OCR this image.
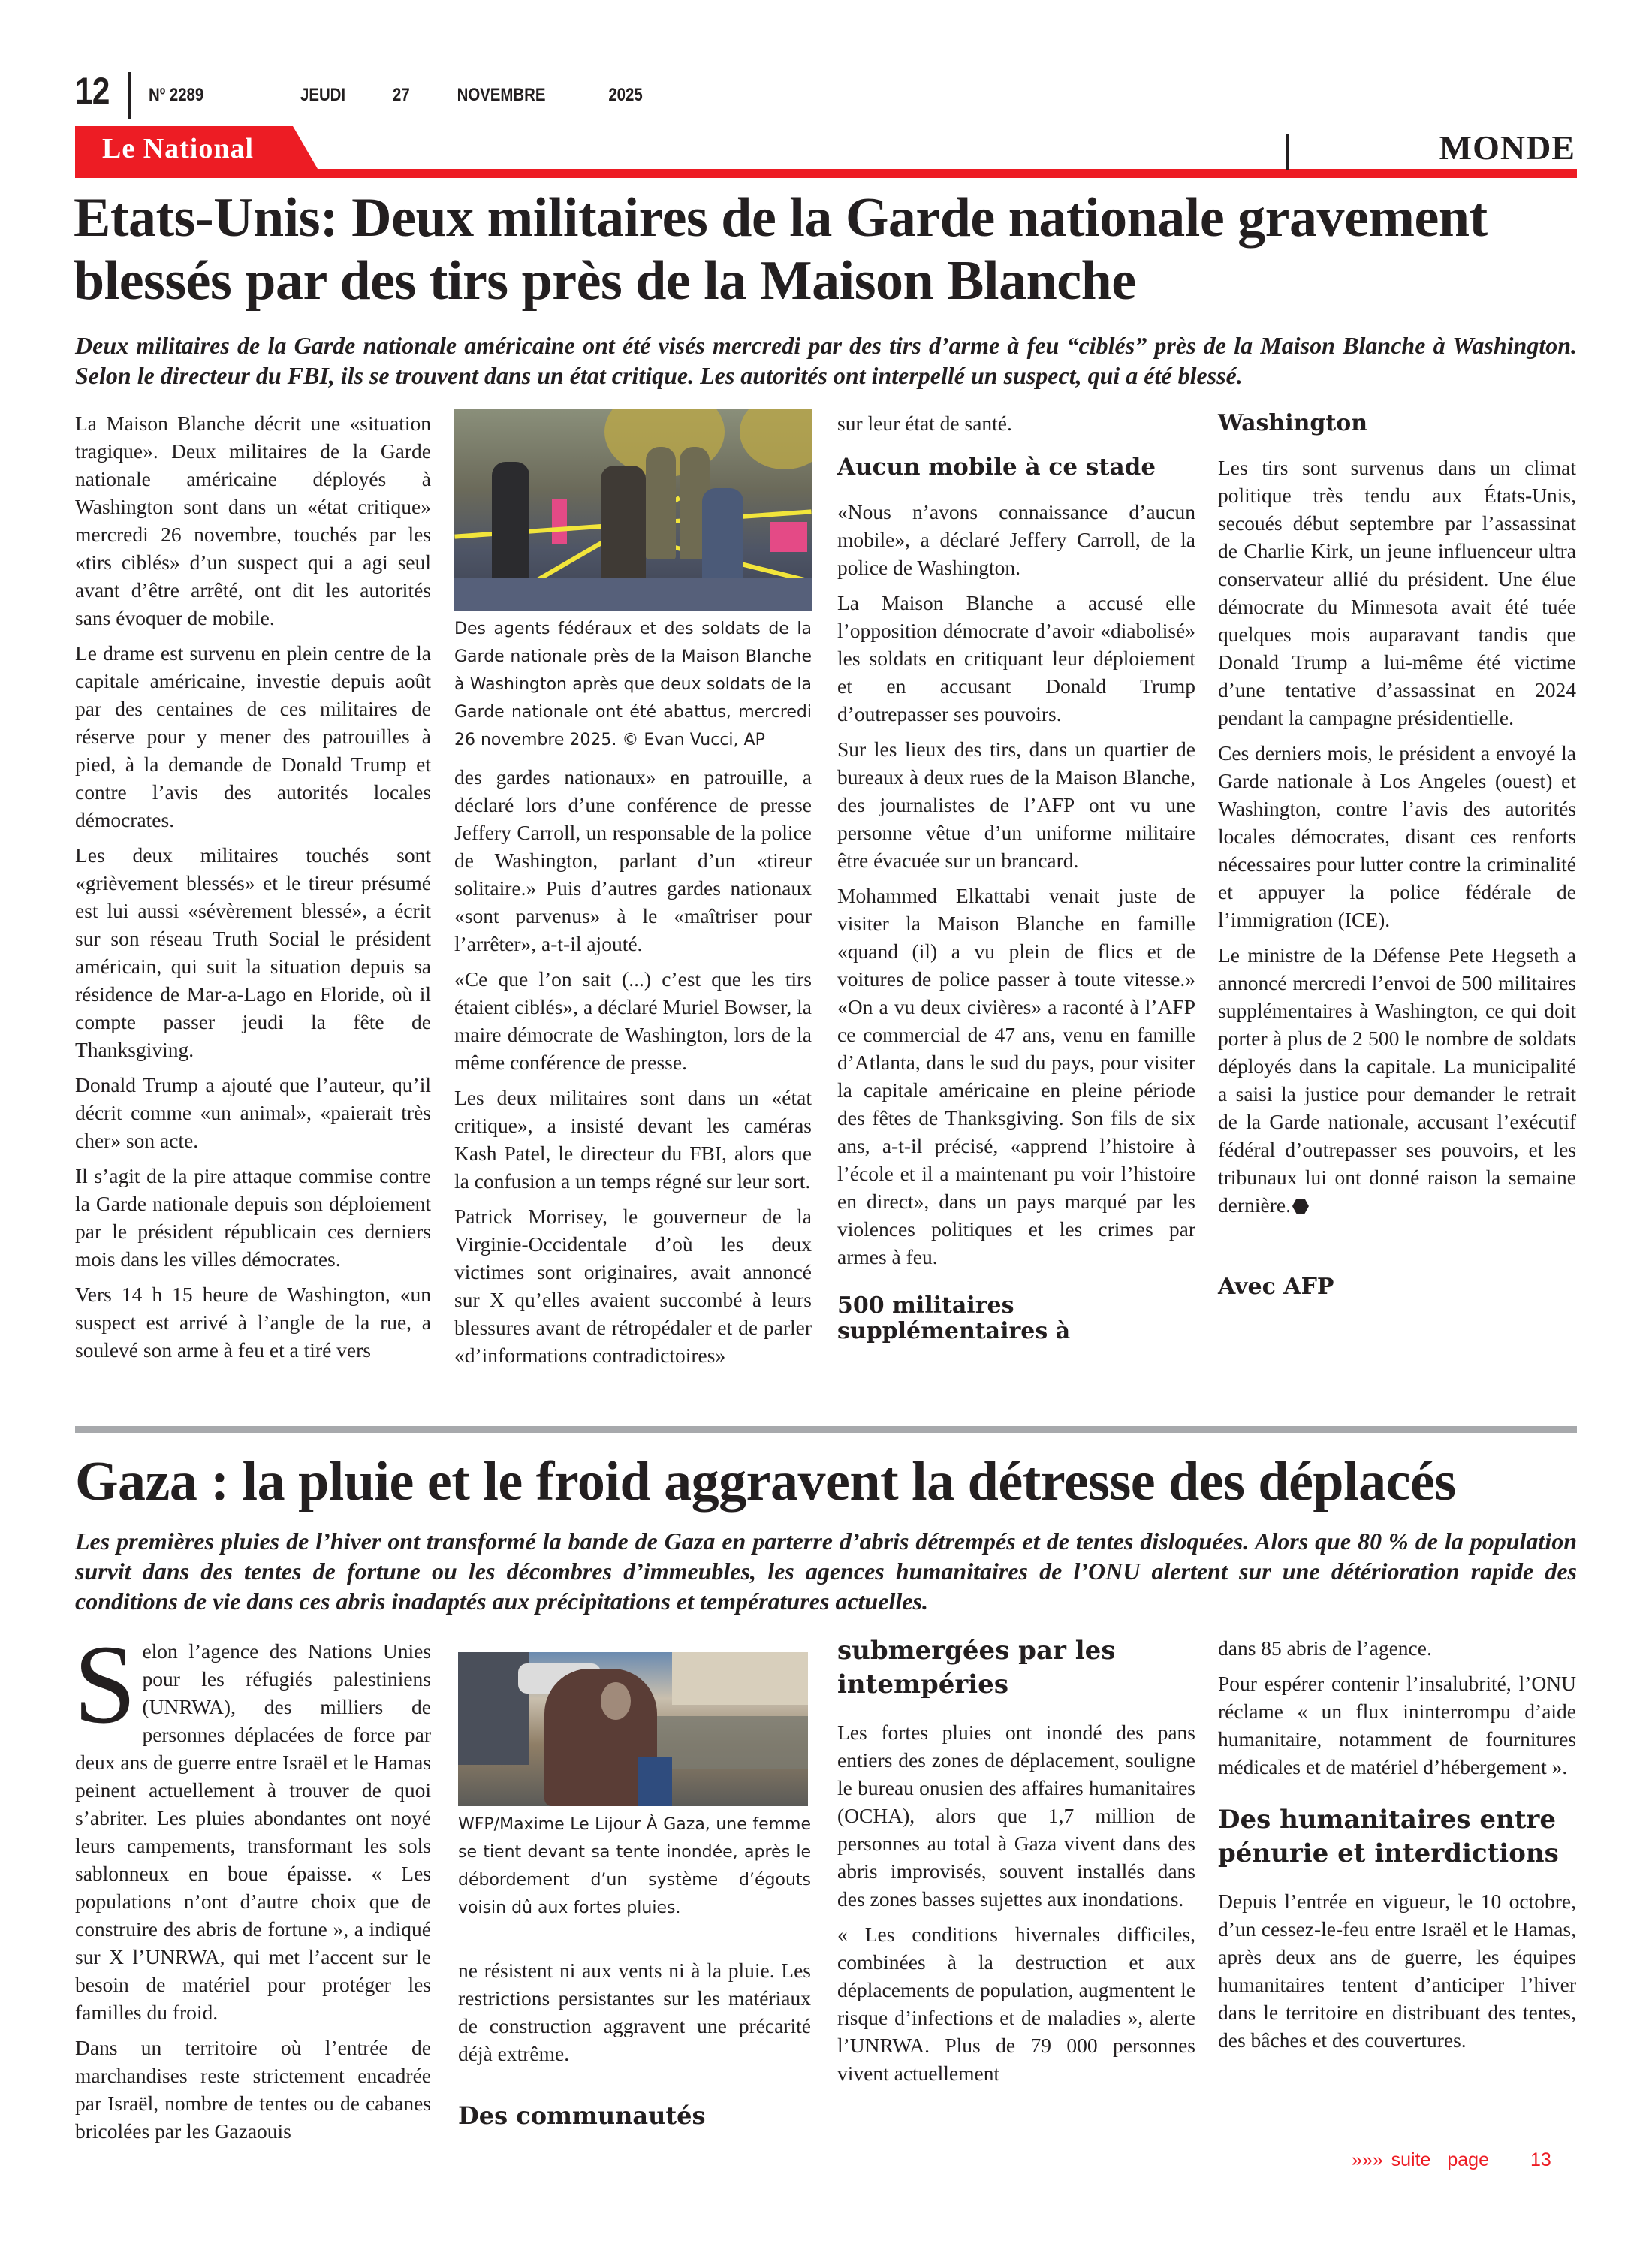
12 Nº 2289	JEUDI   27   NOVEMBRE    2025
Le National	MONDE
Etats-Unis: Deux militaires de la Garde nationale gravement blessés par des tirs près de la Maison Blanche
Deux militaires de la Garde nationale américaine ont été visés mercredi par des tirs d’arme à feu “ciblés” près de la Maison Blanche à Washington. Selon le directeur du FBI, ils se trouvent dans un état critique. Les autorités ont interpellé un suspect, qui a été blessé.

La Maison Blanche décrit une «situation tragique». Deux militaires de la Garde nationale américaine déployés à Washington sont dans un «état critique» mercredi 26 novembre, touchés par les «tirs ciblés» d’un suspect qui a agi seul avant d’être arrêté, ont dit les autorités sans évoquer de mobile.

Le drame est survenu en plein centre de la capitale américaine, investie depuis août par des centaines de ces militaires de réserve pour y mener des patrouilles à pied, à la demande de Donald Trump et contre l’avis des autorités locales démocrates.

Les deux militaires touchés sont «grièvement blessés» et le tireur présumé est lui aussi «sévèrement blessé», a écrit sur son réseau Truth Social le président américain, qui suit la situation depuis sa résidence de Mar-a-Lago en Floride, où il compte passer jeudi la fête de Thanksgiving.

Donald Trump a ajouté que l’auteur, qu’il décrit comme «un animal», «paierait très cher» son acte.

Il s’agit de la pire attaque commise contre la Garde nationale depuis son déploiement par le président républicain ces derniers mois dans les villes démocrates.

Vers 14 h 15 heure de Washington, «un suspect est arrivé à l’angle de la rue, a soulevé son arme à feu et a tiré vers

Des agents fédéraux et des soldats de la Garde nationale près de la Maison Blanche à Washington après que deux soldats de la Garde nationale ont été abattus, mercredi 26 novembre 2025. © Evan Vucci, AP

des gardes nationaux» en patrouille, a déclaré lors d’une conférence de presse Jeffery Carroll, un responsable de la police de Washington, parlant d’un «tireur solitaire.» Puis d’autres gardes nationaux «sont parvenus» à le «maîtriser pour l’arrêter», a-t-il ajouté.

«Ce que l’on sait (...) c’est que les tirs étaient ciblés», a déclaré Muriel Bowser, la maire démocrate de Washington, lors de la même conférence de presse.

Les deux militaires sont dans un «état critique», a insisté devant les caméras Kash Patel, le directeur du FBI, alors que la confusion a un temps régné sur leur sort.

Patrick Morrisey, le gouverneur de la Virginie-Occidentale d’où les deux victimes sont originaires, avait annoncé sur X qu’elles avaient succombé à leurs blessures avant de rétropédaler et de parler «d’informations contradictoires»

sur leur état de santé.

Aucun mobile à ce stade

«Nous n’avons connaissance d’aucun mobile», a déclaré Jeffery Carroll, de la police de Washington.

La Maison Blanche a accusé elle l’opposition démocrate d’avoir «diabolisé» les soldats en critiquant leur déploiement et en accusant Donald Trump d’outrepasser ses pouvoirs.

Sur les lieux des tirs, dans un quartier de bureaux à deux rues de la Maison Blanche, des journalistes de l’AFP ont vu une personne vêtue d’un uniforme militaire être évacuée sur un brancard.

Mohammed Elkattabi venait juste de visiter la Maison Blanche en famille «quand (il) a vu plein de flics et de voitures de police passer à toute vitesse.» «On a vu deux civières» a raconté à l’AFP ce commercial de 47 ans, venu en famille d’Atlanta, dans le sud du pays, pour visiter la capitale américaine en pleine période des fêtes de Thanksgiving. Son fils de six ans, a-t-il précisé, «apprend l’histoire à l’école et il a maintenant pu voir l’histoire en direct», dans un pays marqué par les violences politiques et les crimes par armes à feu.

500 militaires supplémentaires à
Washington

Les tirs sont survenus dans un climat politique très tendu aux États-Unis, secoués début septembre par l’assassinat de Charlie Kirk, un jeune influenceur ultra conservateur allié du président. Une élue démocrate du Minnesota avait été tuée quelques mois auparavant tandis que Donald Trump a lui-même été victime d’une tentative d’assassinat en 2024 pendant la campagne présidentielle.

Ces derniers mois, le président a envoyé la Garde nationale à Los Angeles (ouest) et Washington, contre l’avis des autorités locales démocrates, disant ces renforts nécessaires pour lutter contre la criminalité et appuyer la police fédérale de l’immigration (ICE).

Le ministre de la Défense Pete Hegseth a annoncé mercredi l’envoi de 500 militaires supplémentaires à Washington, ce qui doit porter à plus de 2 500 le nombre de soldats déployés dans la capitale. La municipalité a saisi la justice pour demander le retrait de la Garde nationale, accusant l’exécutif fédéral d’outrepasser ses pouvoirs, et les tribunaux lui ont donné raison la semaine dernière.

Avec AFP
Gaza : la pluie et le froid aggravent la détresse des déplacés
Les premières pluies de l’hiver ont transformé la bande de Gaza en parterre d’abris détrempés et de tentes disloquées. Alors que 80 % de la population survit dans des tentes de fortune ou les décombres d’immeubles, les agences humanitaires de l’ONU alertent sur une détérioration rapide des conditions de vie dans ces abris inadaptés aux précipitations et températures actuelles.

Selon l’agence des Nations Unies pour les réfugiés palestiniens (UNRWA), des milliers de personnes déplacées de force par deux ans de guerre entre Israël et le Hamas peinent actuellement à trouver de quoi s’abriter. Les pluies abondantes ont noyé leurs campements, transformant les sols sablonneux en boue épaisse. « Les populations n’ont d’autre choix que de construire des abris de fortune », a indiqué sur X l’UNRWA, qui met l’accent sur le besoin de matériel pour protéger les familles du froid.

Dans un territoire où l’entrée de marchandises reste strictement encadrée par Israël, nombre de tentes ou de cabanes bricolées par les Gazaouis

WFP/Maxime Le Lijour À Gaza, une femme se tient devant sa tente inondée, après le débordement d’un système d’égouts voisin dû aux fortes pluies.

ne résistent ni aux vents ni à la pluie. Les restrictions persistantes sur les matériaux de construction aggravent une précarité déjà extrême.

Des communautés
submergées par les intempéries

Les fortes pluies ont inondé des pans entiers des zones de déplacement, souligne le bureau onusien des affaires humanitaires (OCHA), alors que 1,7 million de personnes au total à Gaza vivent dans des abris improvisés, souvent installés dans des zones basses sujettes aux inondations.

« Les conditions hivernales difficiles, combinées à la destruction et aux déplacements de population, augmentent le risque d’infections et de maladies », alerte l’UNRWA. Plus de 79 000 personnes vivent actuellement

dans 85 abris de l’agence.

Pour espérer contenir l’insalubrité, l’ONU réclame « un flux ininterrompu d’aide humanitaire, notamment de fournitures médicales et de matériel d’hébergement ».

Des humanitaires entre pénurie et interdictions

Depuis l’entrée en vigueur, le 10 octobre, d’un cessez-le-feu entre Israël et le Hamas, après deux ans de guerre, les équipes humanitaires tentent d’anticiper l’hiver dans le territoire en distribuant des tentes, des bâches et des couvertures.

»»» suite  page 13
